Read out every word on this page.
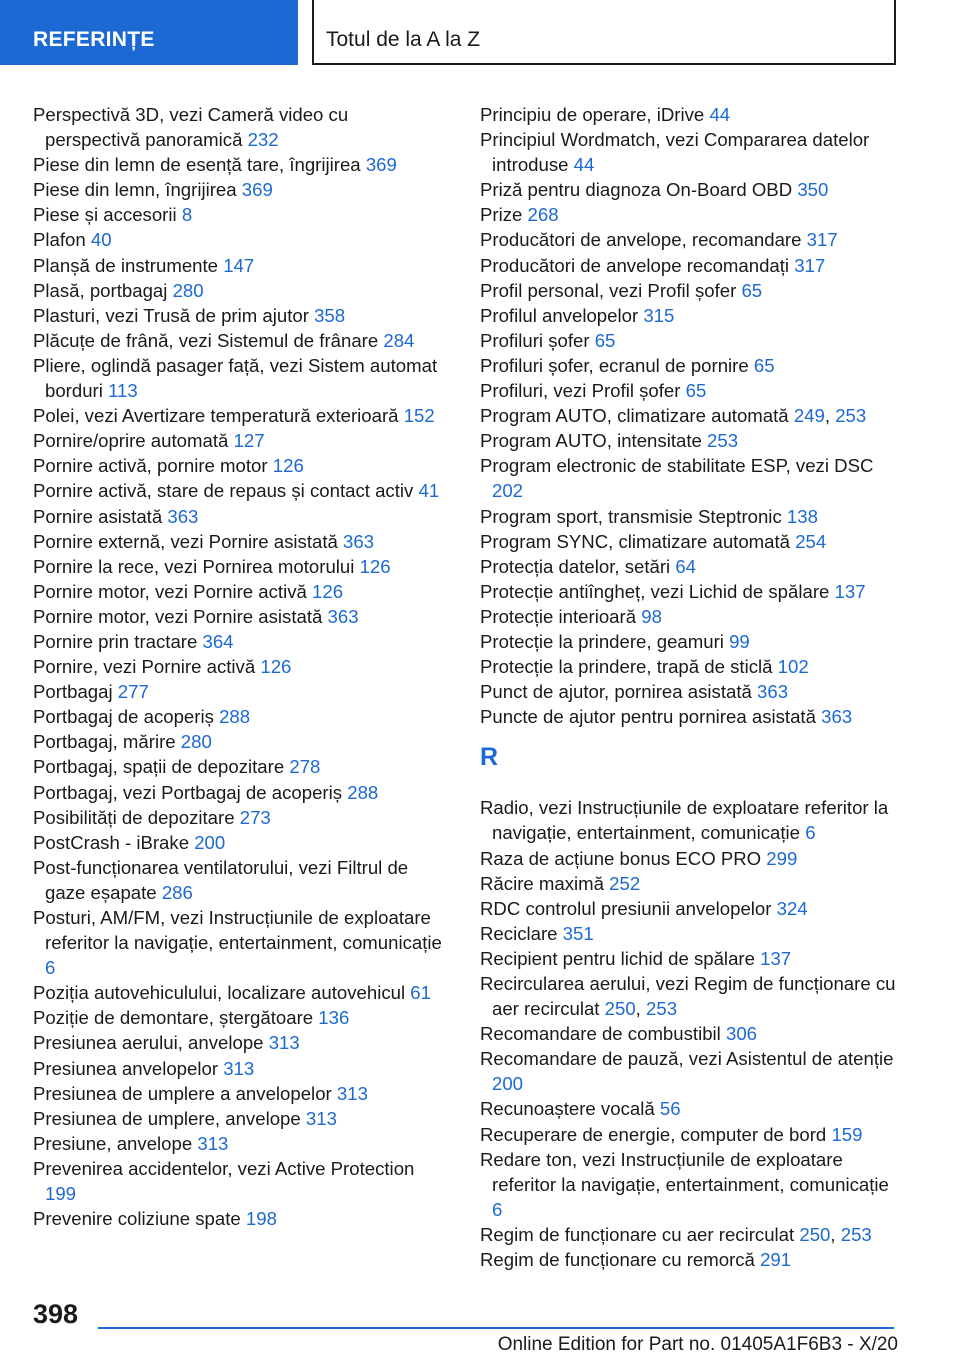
REFERINȚE	Totul de la A la Z
Perspectivă 3D, vezi Cameră video cu perspectivă panoramică 232
Piese din lemn de esență tare, îngrijirea 369
Piese din lemn, îngrijirea 369
Piese și accesorii 8
Plafon 40
Planșă de instrumente 147
Plasă, portbagaj 280
Plasturi, vezi Trusă de prim ajutor 358
Plăcuțe de frână, vezi Sistemul de frânare 284
Pliere, oglindă pasager față, vezi Sistem automat borduri 113
Polei, vezi Avertizare temperatură exterioară 152
Pornire/oprire automată 127
Pornire activă, pornire motor 126
Pornire activă, stare de repaus și contact activ 41
Pornire asistată 363
Pornire externă, vezi Pornire asistată 363
Pornire la rece, vezi Pornirea motorului 126
Pornire motor, vezi Pornire activă 126
Pornire motor, vezi Pornire asistată 363
Pornire prin tractare 364
Pornire, vezi Pornire activă 126
Portbagaj 277
Portbagaj de acoperiș 288
Portbagaj, mărire 280
Portbagaj, spații de depozitare 278
Portbagaj, vezi Portbagaj de acoperiș 288
Posibilități de depozitare 273
PostCrash - iBrake 200
Post-funcționarea ventilatorului, vezi Filtrul de gaze eșapate 286
Posturi, AM/FM, vezi Instrucțiunile de exploatare referitor la navigație, entertainment, comunicație 6
Poziția autovehiculului, localizare autovehicul 61
Poziție de demontare, ștergătoare 136
Presiunea aerului, anvelope 313
Presiunea anvelopelor 313
Presiunea de umplere a anvelopelor 313
Presiunea de umplere, anvelope 313
Presiune, anvelope 313
Prevenirea accidentelor, vezi Active Protection 199
Prevenire coliziune spate 198
Principiu de operare, iDrive 44
Principiul Wordmatch, vezi Compararea datelor introduse 44
Priză pentru diagnoza On-Board OBD 350
Prize 268
Producători de anvelope, recomandare 317
Producători de anvelope recomandați 317
Profil personal, vezi Profil șofer 65
Profilul anvelopelor 315
Profiluri șofer 65
Profiluri șofer, ecranul de pornire 65
Profiluri, vezi Profil șofer 65
Program AUTO, climatizare automată 249, 253
Program AUTO, intensitate 253
Program electronic de stabilitate ESP, vezi DSC 202
Program sport, transmisie Steptronic 138
Program SYNC, climatizare automată 254
Protecția datelor, setări 64
Protecție antiîngheț, vezi Lichid de spălare 137
Protecție interioară 98
Protecție la prindere, geamuri 99
Protecție la prindere, trapă de sticlă 102
Punct de ajutor, pornirea asistată 363
Puncte de ajutor pentru pornirea asistată 363
R
Radio, vezi Instrucțiunile de exploatare referitor la navigație, entertainment, comunicație 6
Raza de acțiune bonus ECO PRO 299
Răcire maximă 252
RDC controlul presiunii anvelopelor 324
Reciclare 351
Recipient pentru lichid de spălare 137
Recircularea aerului, vezi Regim de funcționare cu aer recirculat 250, 253
Recomandare de combustibil 306
Recomandare de pauză, vezi Asistentul de atenție 200
Recunoaștere vocală 56
Recuperare de energie, computer de bord 159
Redare ton, vezi Instrucțiunile de exploatare referitor la navigație, entertainment, comunicație 6
Regim de funcționare cu aer recirculat 250, 253
Regim de funcționare cu remorcă 291
398
Online Edition for Part no. 01405A1F6B3 - X/20
